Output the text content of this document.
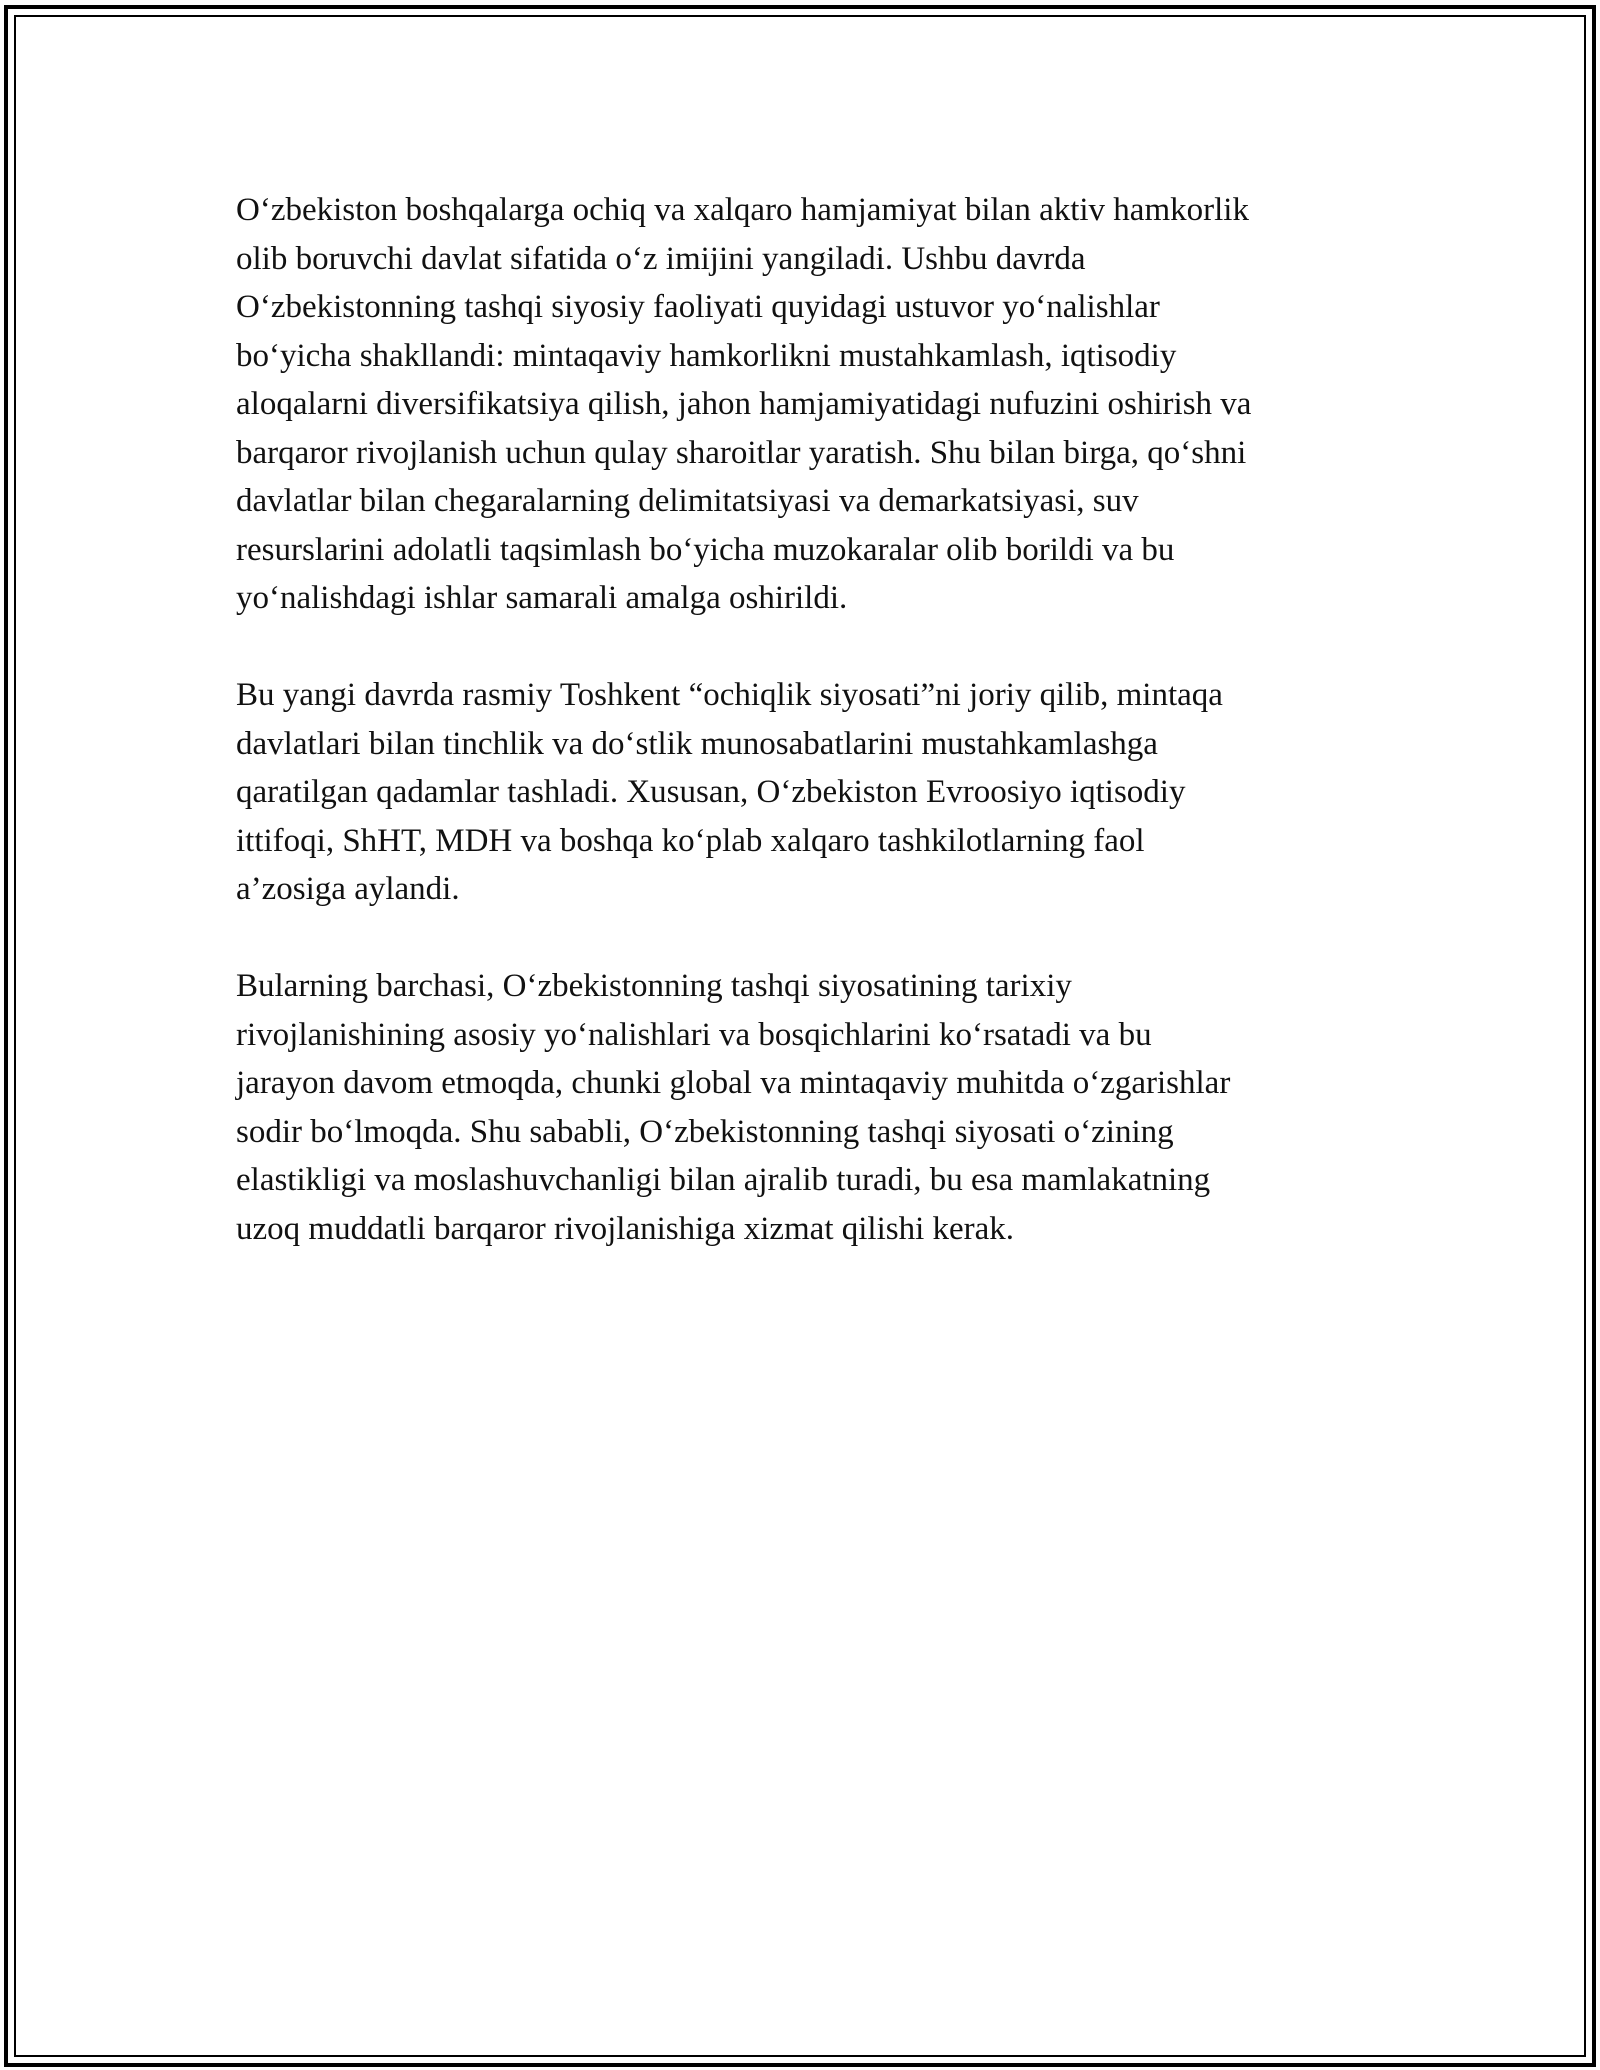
O‘zbekiston boshqalarga ochiq va xalqaro hamjamiyat bilan aktiv hamkorlik
olib boruvchi davlat sifatida o‘z imijini yangiladi. Ushbu davrda
O‘zbekistonning tashqi siyosiy faoliyati quyidagi ustuvor yo‘nalishlar
bo‘yicha shakllandi: mintaqaviy hamkorlikni mustahkamlash, iqtisodiy
aloqalarni diversifikatsiya qilish, jahon hamjamiyatidagi nufuzini oshirish va
barqaror rivojlanish uchun qulay sharoitlar yaratish. Shu bilan birga, qo‘shni
davlatlar bilan chegaralarning delimitatsiyasi va demarkatsiyasi, suv
resurslarini adolatli taqsimlash bo‘yicha muzokaralar olib borildi va bu
yo‘nalishdagi ishlar samarali amalga oshirildi.

Bu yangi davrda rasmiy Toshkent “ochiqlik siyosati”ni joriy qilib, mintaqa
davlatlari bilan tinchlik va do‘stlik munosabatlarini mustahkamlashga
qaratilgan qadamlar tashladi. Xususan, O‘zbekiston Evroosiyo iqtisodiy
ittifoqi, ShHT, MDH va boshqa ko‘plab xalqaro tashkilotlarning faol
a’zosiga aylandi.

Bularning barchasi, O‘zbekistonning tashqi siyosatining tarixiy
rivojlanishining asosiy yo‘nalishlari va bosqichlarini ko‘rsatadi va bu
jarayon davom etmoqda, chunki global va mintaqaviy muhitda o‘zgarishlar
sodir bo‘lmoqda. Shu sababli, O‘zbekistonning tashqi siyosati o‘zining
elastikligi va moslashuvchanligi bilan ajralib turadi, bu esa mamlakatning
uzoq muddatli barqaror rivojlanishiga xizmat qilishi kerak.
